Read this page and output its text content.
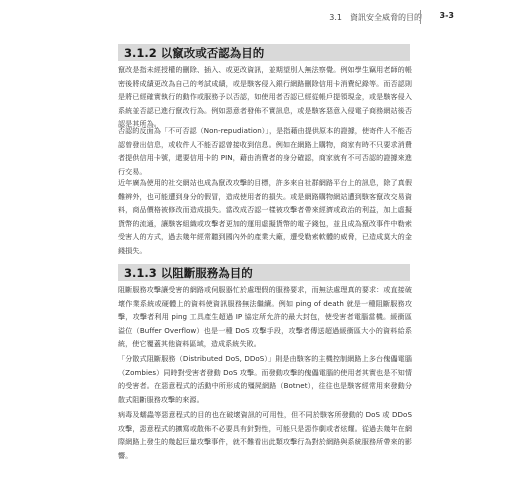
3.1　資訊安全威脅的目的 3-3
3.1.2 以竄改或否認為目的

竄改是指未經授權的刪除、插入、或更改資訊，並期望別人無法察覺。例如學生竊用老師的帳密後將成績更改為自己的考試成績，或是駭客侵入銀行網路刪除信用卡消費紀錄等。而否認則是將已經確實執行的動作或服務予以否認，如使用者否認已經從帳戶提領現金，或是駭客侵入系統並否認已進行竄改行為。例如惡意者發佈不實訊息，或是駭客惡意入侵電子商務網站後否認是其所為。

否認的反面為「不可否認（Non-repudiation）」，是指藉由提供原本的證據，使寄件人不能否認曾發出信息，或收件人不能否認曾接收到信息。例如在網路上購物，商家有時不只要求消費者提供信用卡號，還要信用卡的 PIN，藉由消費者的身分確認，商家就有不可否認的證據來進行交易。

近年廣為使用的社交網站也成為竄改攻擊的目標，許多來自社群網路平台上的訊息，除了真假難辨外，也可能遭到身分的假冒，造成使用者的損失。或是網路購物網站遭到駭客竄改交易資料，商品價格被修改而造成損失。當改成否認一樣被攻擊者帶來經濟或政治的利益，加上虛擬貨幣的流通，讓駭客組織或攻擊者更加的運用虛擬貨幣的電子錢包，並且成為竄改事件中勒索受害人的方式，過去幾年經常聽到國內外的產業大廠，遭受勒索軟體的威脅，已造成莫大的金錢損失。

3.1.3 以阻斷服務為目的

阻斷服務攻擊讓受害的網路或伺服器忙於處理假的服務要求，而無法處理真的要求：或直接破壞作業系統或硬體上的資料使資訊服務無法繼續。例如 ping of death 就是一種阻斷服務攻擊，攻擊者利用 ping 工具產生超過 IP 協定所允許的最大封包，使受害者電腦當機。緩衝區溢位（Buffer Overflow）也是一種 DoS 攻擊手段，攻擊者傳送超過緩衝區大小的資料給系統，使它覆蓋其他資料區域，造成系統失敗。

「分散式阻斷服務（Distributed DoS, DDoS）」則是由駭客的主機控制網路上多台傀儡電腦（Zombies）同時對受害者發動 DoS 攻擊。而發動攻擊的傀儡電腦的使用者其實也是不知情的受害者。在惡意程式的活動中所形成的殭屍網路（Botnet），往往也是駭客經常用來發動分散式阻斷服務攻擊的來源。

病毒及蠕蟲等惡意程式的目的也在破壞資訊的可用性，但不同於駭客所發動的 DoS 或 DDoS 攻擊，惡意程式的擴寫或散佈不必要具有針對性，可能只是惡作劇或者炫耀。從過去幾年在網際網路上發生的幾起巨量攻擊事件，就不難看出此類攻擊行為對於網路與系統服務所帶來的影響。
